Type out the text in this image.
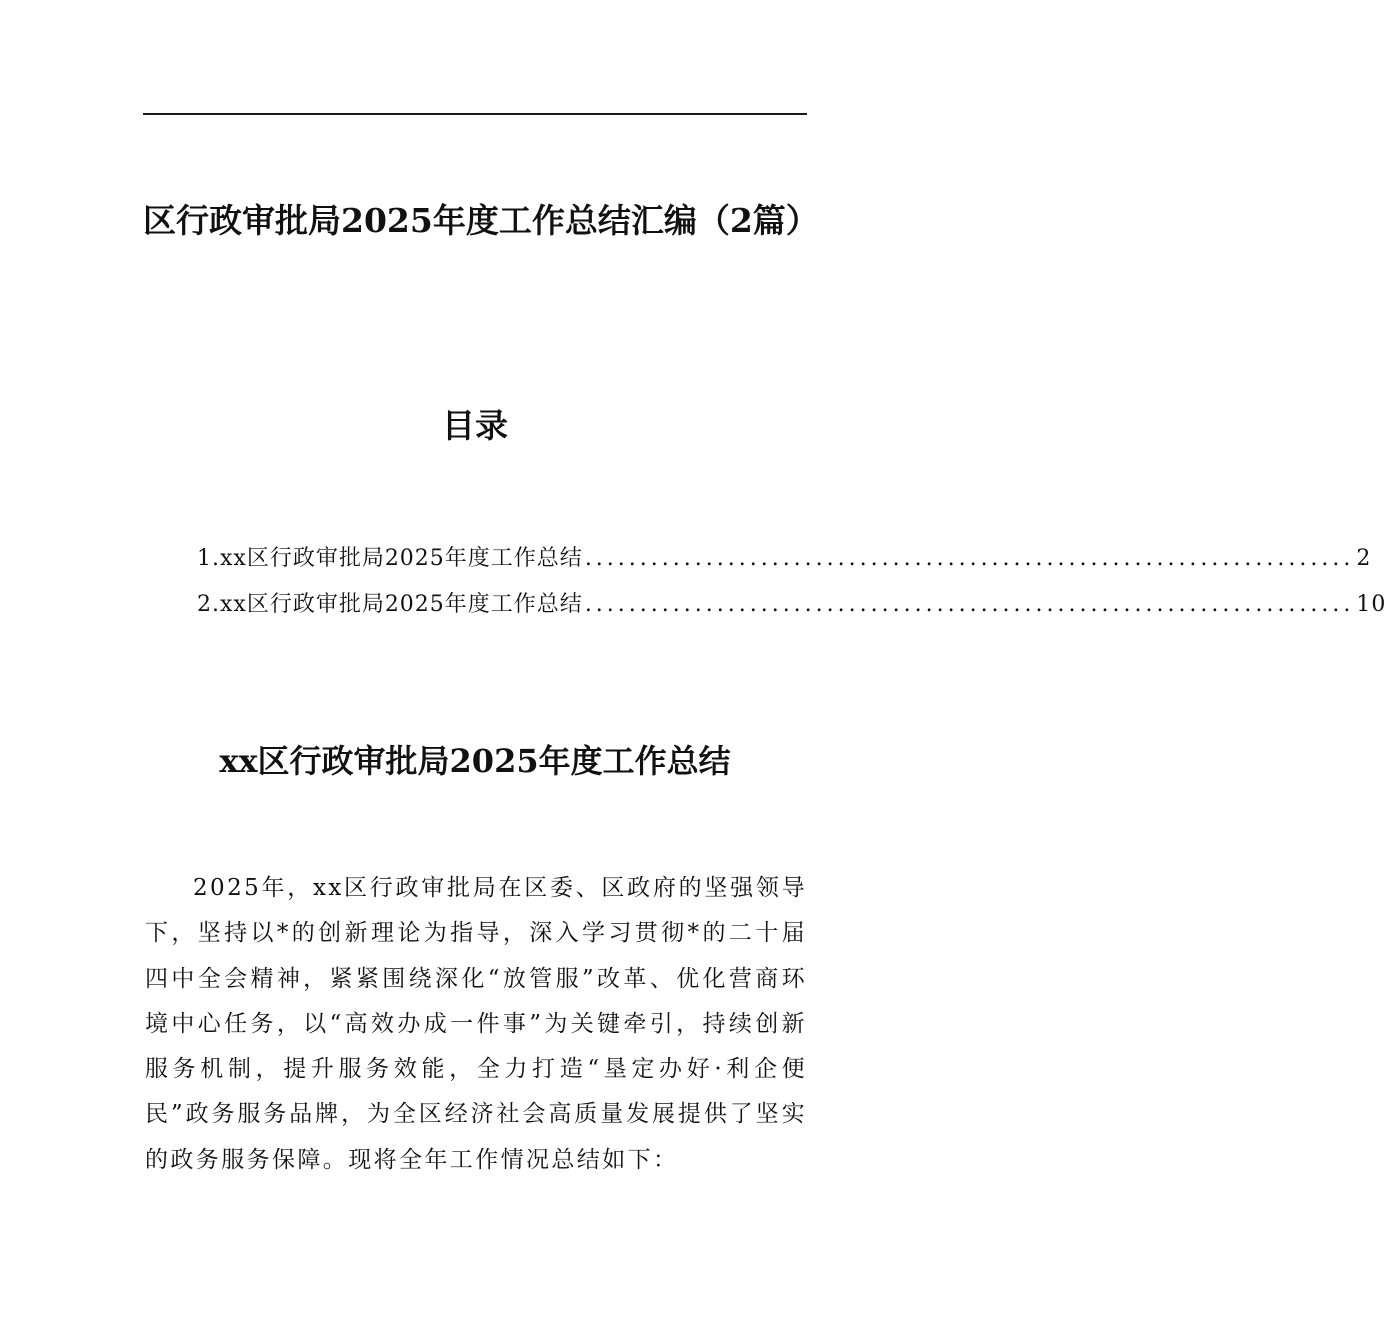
区行政审批局2025年度工作总结汇编（2篇）
目录
1. xx区行政审批局2025年度工作总结 ...................................................................... 2
2. xx区行政审批局2025年度工作总结 ...................................................................... 10
xx区行政审批局2025年度工作总结

2025年，xx区行政审批局在区委、区政府的坚强领导下，坚持以*的创新理论为指导，深入学习贯彻*的二十届四中全会精神，紧紧围绕深化“放管服”改革、优化营商环境中心任务，以“高效办成一件事”为关键牵引，持续创新服务机制，提升服务效能，全力打造“垦定办好·利企便民”政务服务品牌，为全区经济社会高质量发展提供了坚实的政务服务保障。现将全年工作情况总结如下：
